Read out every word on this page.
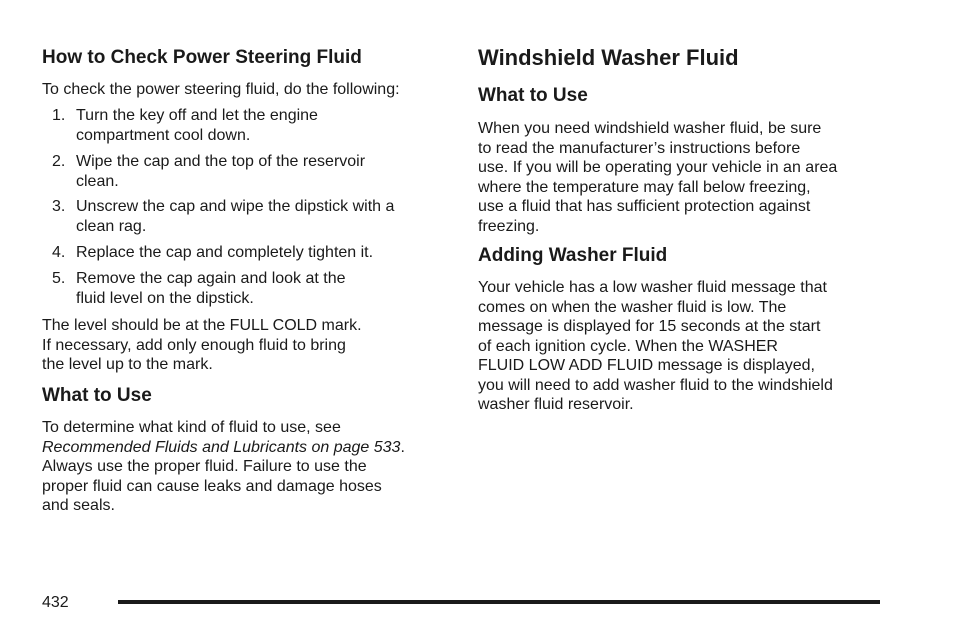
How to Check Power Steering Fluid

To check the power steering fluid, do the following:

1. Turn the key off and let the engine
compartment cool down.
2. Wipe the cap and the top of the reservoir
clean.
3. Unscrew the cap and wipe the dipstick with a
clean rag.
4. Replace the cap and completely tighten it.
5. Remove the cap again and look at the
fluid level on the dipstick.

The level should be at the FULL COLD mark.
If necessary, add only enough fluid to bring
the level up to the mark.

What to Use

To determine what kind of fluid to use, see
Recommended Fluids and Lubricants on page 533.
Always use the proper fluid. Failure to use the
proper fluid can cause leaks and damage hoses
and seals.

Windshield Washer Fluid
What to Use

When you need windshield washer fluid, be sure
to read the manufacturer’s instructions before
use. If you will be operating your vehicle in an area
where the temperature may fall below freezing,
use a fluid that has sufficient protection against
freezing.

Adding Washer Fluid

Your vehicle has a low washer fluid message that
comes on when the washer fluid is low. The
message is displayed for 15 seconds at the start
of each ignition cycle. When the WASHER
FLUID LOW ADD FLUID message is displayed,
you will need to add washer fluid to the windshield
washer fluid reservoir.

432
